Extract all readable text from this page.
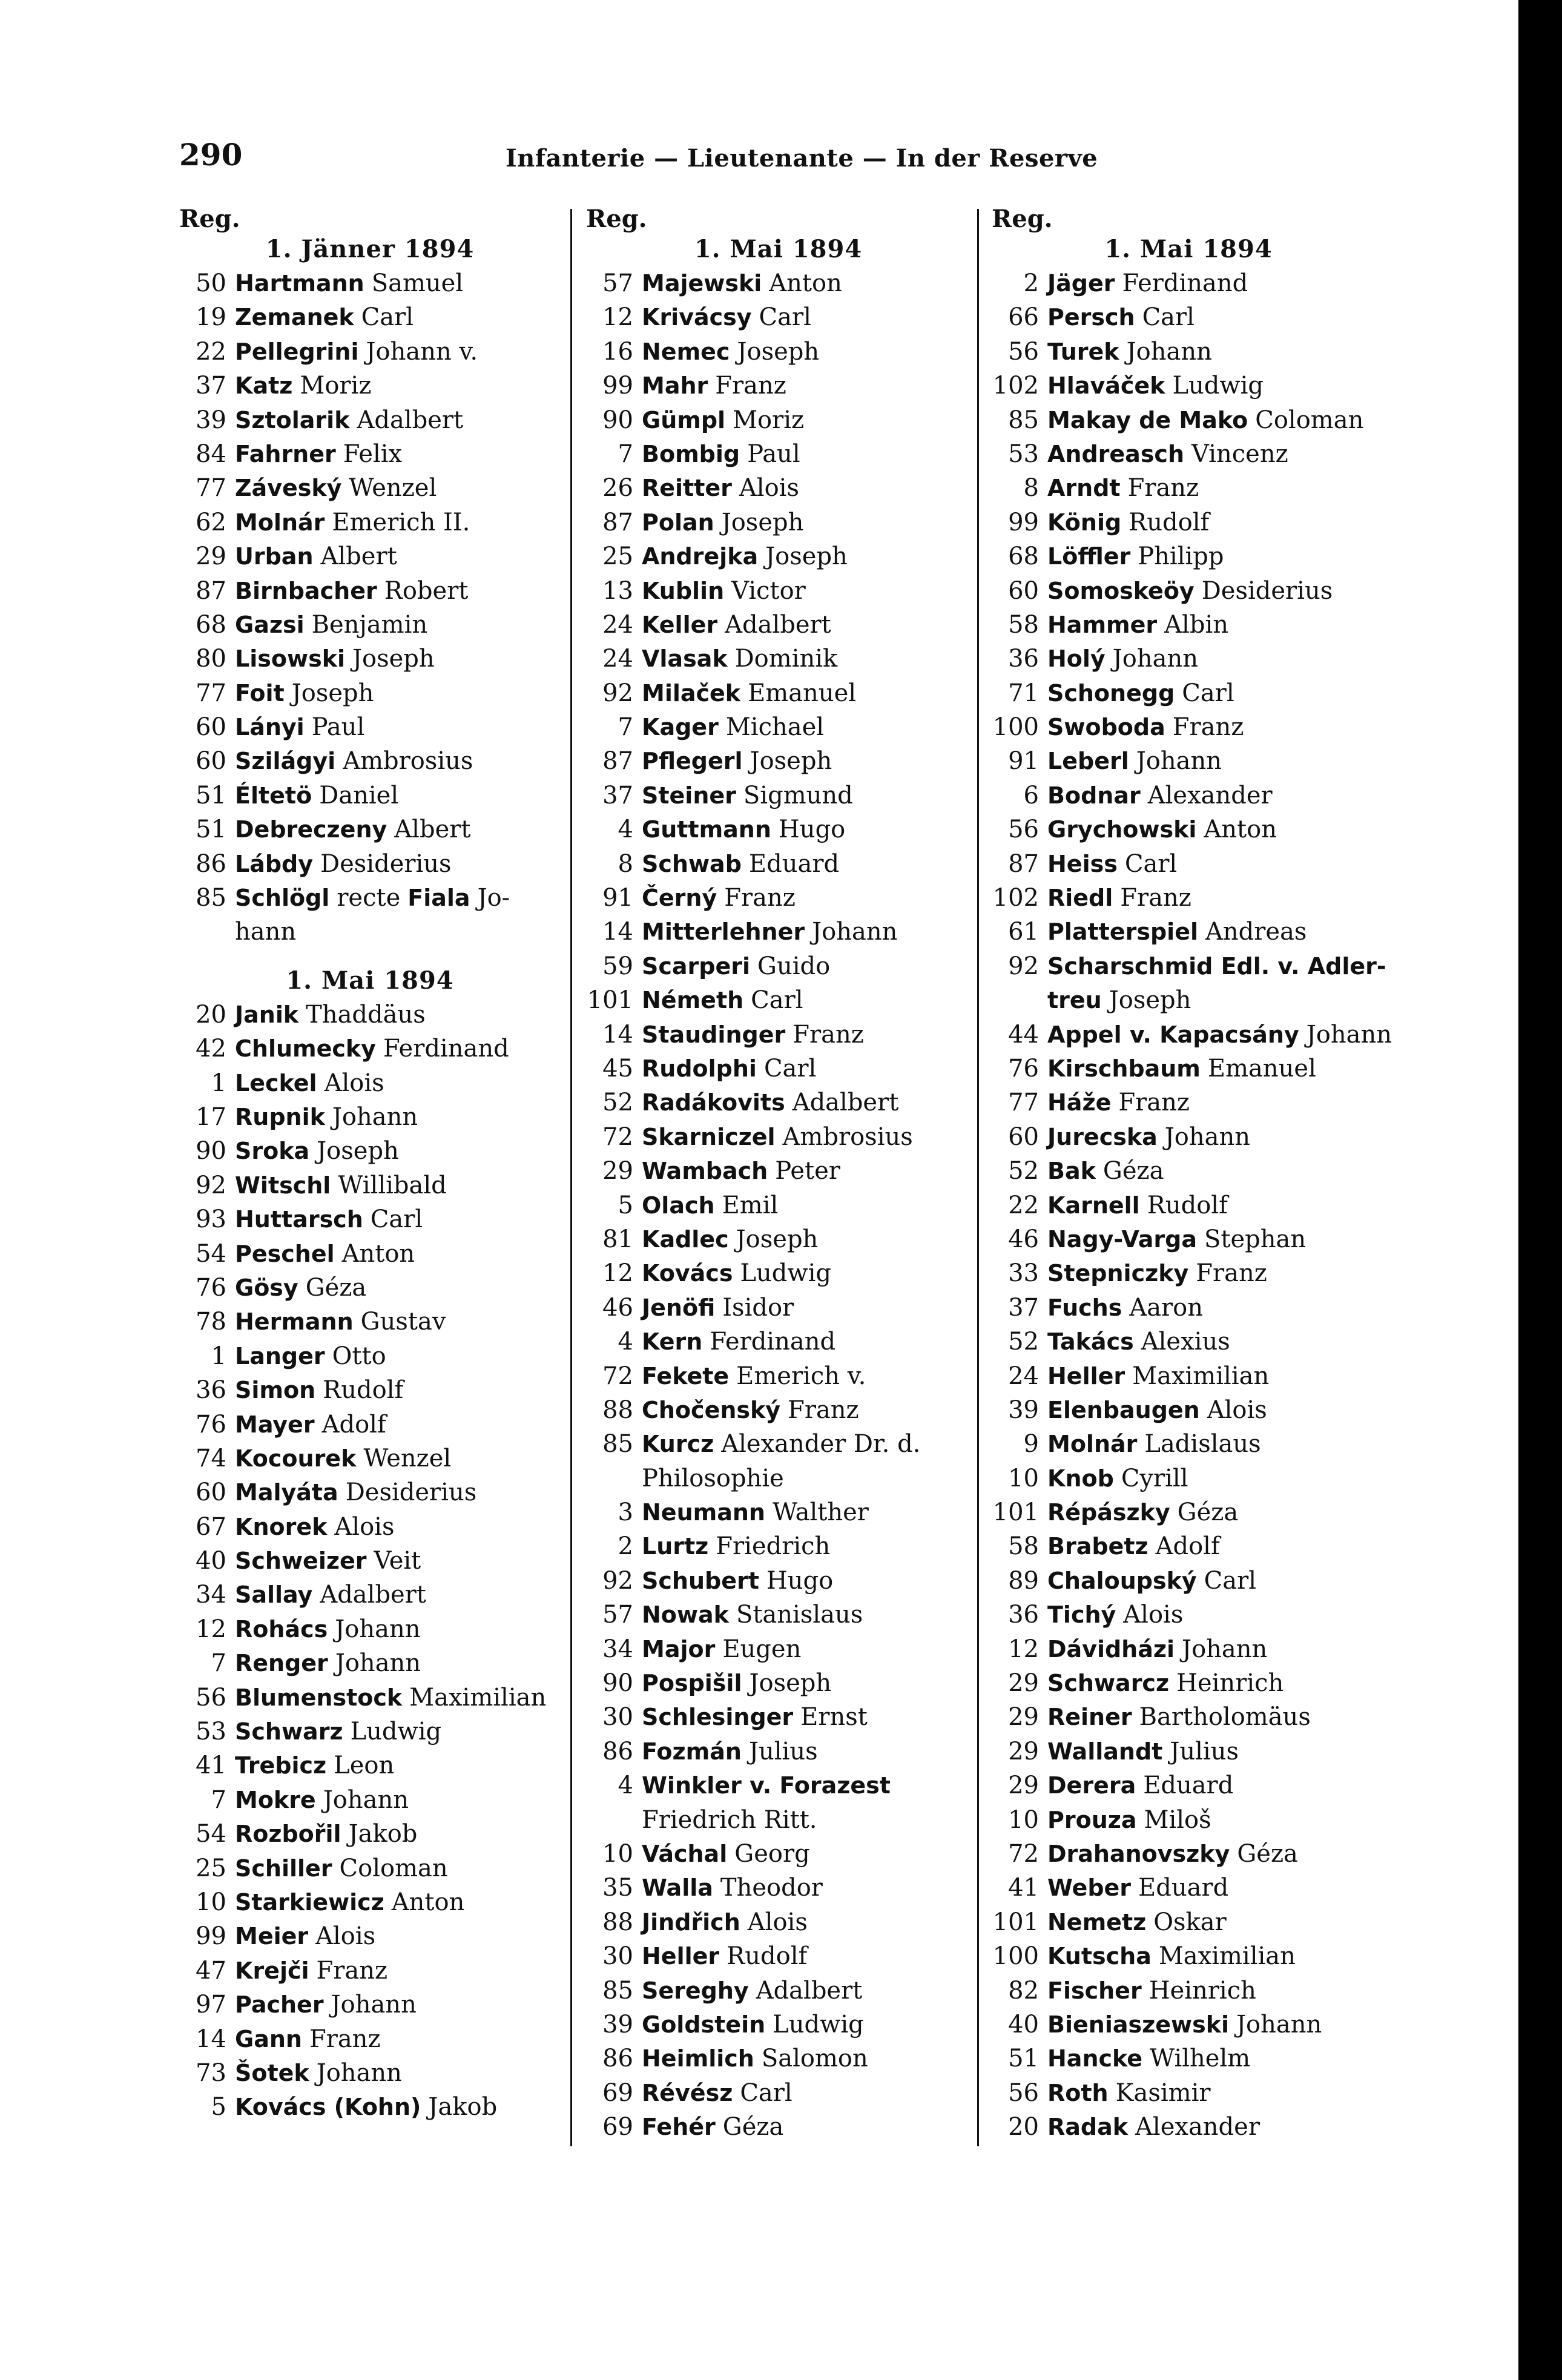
290	Infanterie — Lieutenante — In der Reserve
Reg.
1. Jänner 1894
50 Hartmann Samuel
19 Zemanek Carl
22 Pellegrini Johann v.
37 Katz Moriz
39 Sztolarik Adalbert
84 Fahrner Felix
77 Záveský Wenzel
62 Molnár Emerich II.
29 Urban Albert
87 Birnbacher Robert
68 Gazsi Benjamin
80 Lisowski Joseph
77 Foit Joseph
60 Lányi Paul
60 Szilágyi Ambrosius
51 Éltetö Daniel
51 Debreczeny Albert
86 Lábdy Desiderius
85 Schlögl recte Fiala Jo-
hann
1. Mai 1894
20 Janik Thaddäus
42 Chlumecky Ferdinand
1 Leckel Alois
17 Rupnik Johann
90 Sroka Joseph
92 Witschl Willibald
93 Huttarsch Carl
54 Peschel Anton
76 Gösy Géza
78 Hermann Gustav
1 Langer Otto
36 Simon Rudolf
76 Mayer Adolf
74 Kocourek Wenzel
60 Malyáta Desiderius
67 Knorek Alois
40 Schweizer Veit
34 Sallay Adalbert
12 Rohács Johann
7 Renger Johann
56 Blumenstock Maximilian
53 Schwarz Ludwig
41 Trebicz Leon
7 Mokre Johann
54 Rozbořil Jakob
25 Schiller Coloman
10 Starkiewicz Anton
99 Meier Alois
47 Krejči Franz
97 Pacher Johann
14 Gann Franz
73 Šotek Johann
5 Kovács (Kohn) Jakob
Reg.
1. Mai 1894
57 Majewski Anton
12 Krivácsy Carl
16 Nemec Joseph
99 Mahr Franz
90 Gümpl Moriz
7 Bombig Paul
26 Reitter Alois
87 Polan Joseph
25 Andrejka Joseph
13 Kublin Victor
24 Keller Adalbert
24 Vlasak Dominik
92 Milaček Emanuel
7 Kager Michael
87 Pflegerl Joseph
37 Steiner Sigmund
4 Guttmann Hugo
8 Schwab Eduard
91 Černý Franz
14 Mitterlehner Johann
59 Scarperi Guido
101 Németh Carl
14 Staudinger Franz
45 Rudolphi Carl
52 Radákovits Adalbert
72 Skarniczel Ambrosius
29 Wambach Peter
5 Olach Emil
81 Kadlec Joseph
12 Kovács Ludwig
46 Jenöfi Isidor
4 Kern Ferdinand
72 Fekete Emerich v.
88 Chočenský Franz
85 Kurcz Alexander Dr. d.
Philosophie
3 Neumann Walther
2 Lurtz Friedrich
92 Schubert Hugo
57 Nowak Stanislaus
34 Major Eugen
90 Pospišil Joseph
30 Schlesinger Ernst
86 Fozmán Julius
4 Winkler v. Forazest
Friedrich Ritt.
10 Váchal Georg
35 Walla Theodor
88 Jindřich Alois
30 Heller Rudolf
85 Sereghy Adalbert
39 Goldstein Ludwig
86 Heimlich Salomon
69 Révész Carl
69 Fehér Géza
Reg.
1. Mai 1894
2 Jäger Ferdinand
66 Persch Carl
56 Turek Johann
102 Hlaváček Ludwig
85 Makay de Mako Coloman
53 Andreasch Vincenz
8 Arndt Franz
99 König Rudolf
68 Löffler Philipp
60 Somoskeöy Desiderius
58 Hammer Albin
36 Holý Johann
71 Schonegg Carl
100 Swoboda Franz
91 Leberl Johann
6 Bodnar Alexander
56 Grychowski Anton
87 Heiss Carl
102 Riedl Franz
61 Platterspiel Andreas
92 Scharschmid Edl. v. Adler-
treu Joseph
44 Appel v. Kapacsány Johann
76 Kirschbaum Emanuel
77 Háže Franz
60 Jurecska Johann
52 Bak Géza
22 Karnell Rudolf
46 Nagy-Varga Stephan
33 Stepniczky Franz
37 Fuchs Aaron
52 Takács Alexius
24 Heller Maximilian
39 Elenbaugen Alois
9 Molnár Ladislaus
10 Knob Cyrill
101 Répászky Géza
58 Brabetz Adolf
89 Chaloupský Carl
36 Tichý Alois
12 Dávidházi Johann
29 Schwarcz Heinrich
29 Reiner Bartholomäus
29 Wallandt Julius
29 Derera Eduard
10 Prouza Miloš
72 Drahanovszky Géza
41 Weber Eduard
101 Nemetz Oskar
100 Kutscha Maximilian
82 Fischer Heinrich
40 Bieniaszewski Johann
51 Hancke Wilhelm
56 Roth Kasimir
20 Radak Alexander
